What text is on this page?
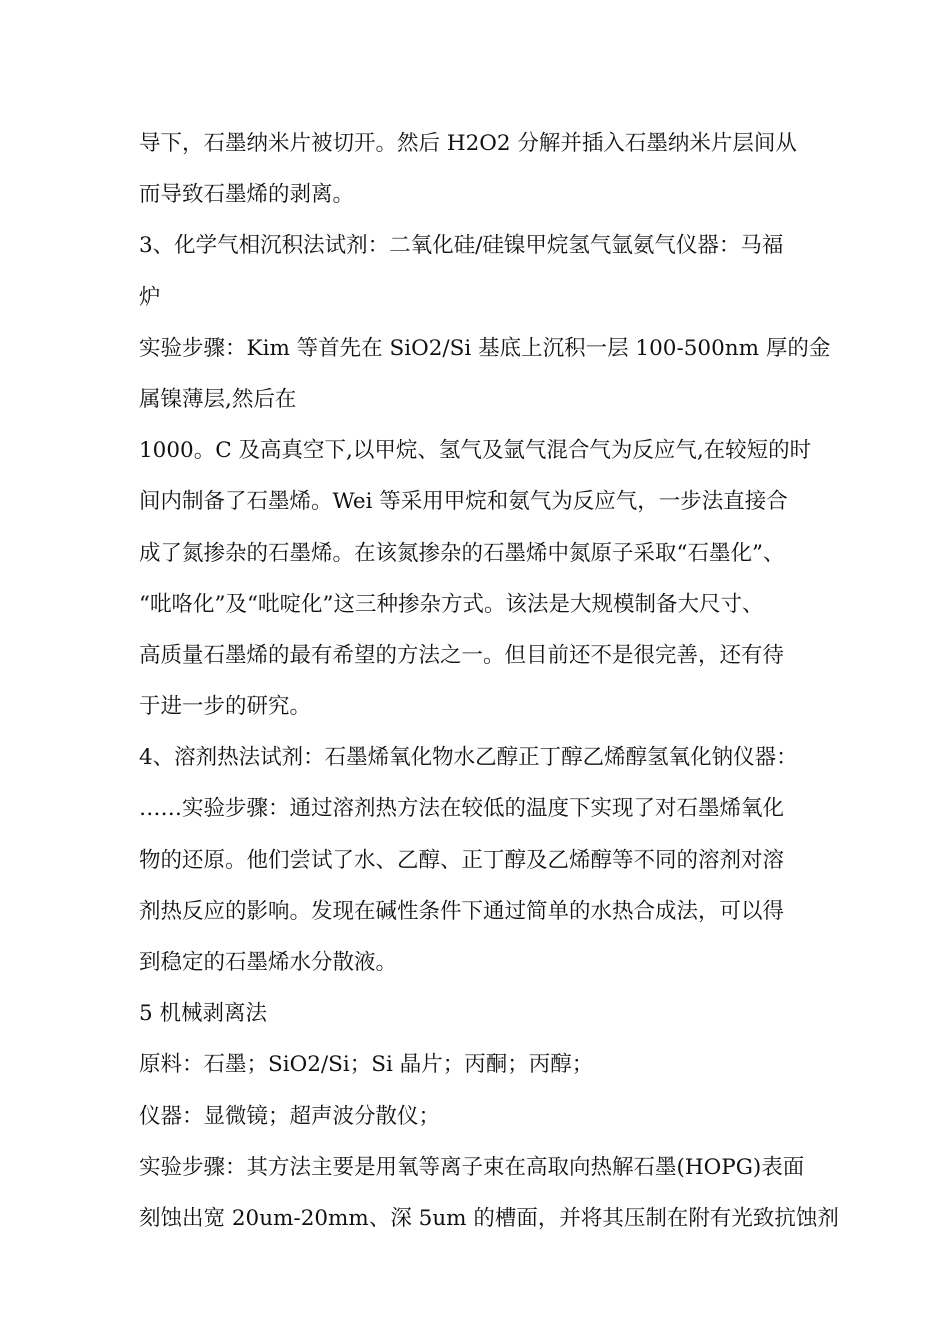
导下，石墨纳米片被切开。然后 H2O2 分解并插入石墨纳米片层间从
而导致石墨烯的剥离。
3、化学气相沉积法试剂：二氧化硅/硅镍甲烷氢气氩氨气仪器：马福
炉
实验步骤：Kim 等首先在 SiO2/Si 基底上沉积一层 100-500nm 厚的金
属镍薄层,然后在
1000。C 及高真空下,以甲烷、氢气及氩气混合气为反应气,在较短的时
间内制备了石墨烯。Wei 等采用甲烷和氨气为反应气，一步法直接合
成了氮掺杂的石墨烯。在该氮掺杂的石墨烯中氮原子采取“石墨化”、
“吡咯化”及“吡啶化”这三种掺杂方式。该法是大规模制备大尺寸、
高质量石墨烯的最有希望的方法之一。但目前还不是很完善，还有待
于进一步的研究。
4、溶剂热法试剂：石墨烯氧化物水乙醇正丁醇乙烯醇氢氧化钠仪器：
……实验步骤：通过溶剂热方法在较低的温度下实现了对石墨烯氧化
物的还原。他们尝试了水、乙醇、正丁醇及乙烯醇等不同的溶剂对溶
剂热反应的影响。发现在碱性条件下通过简单的水热合成法，可以得
到稳定的石墨烯水分散液。
5 机械剥离法
原料：石墨；SiO2/Si；Si 晶片；丙酮；丙醇；
仪器：显微镜；超声波分散仪；
实验步骤：其方法主要是用氧等离子束在高取向热解石墨(HOPG)表面
刻蚀出宽 20um-20mm、深 5um 的槽面，并将其压制在附有光致抗蚀剂
